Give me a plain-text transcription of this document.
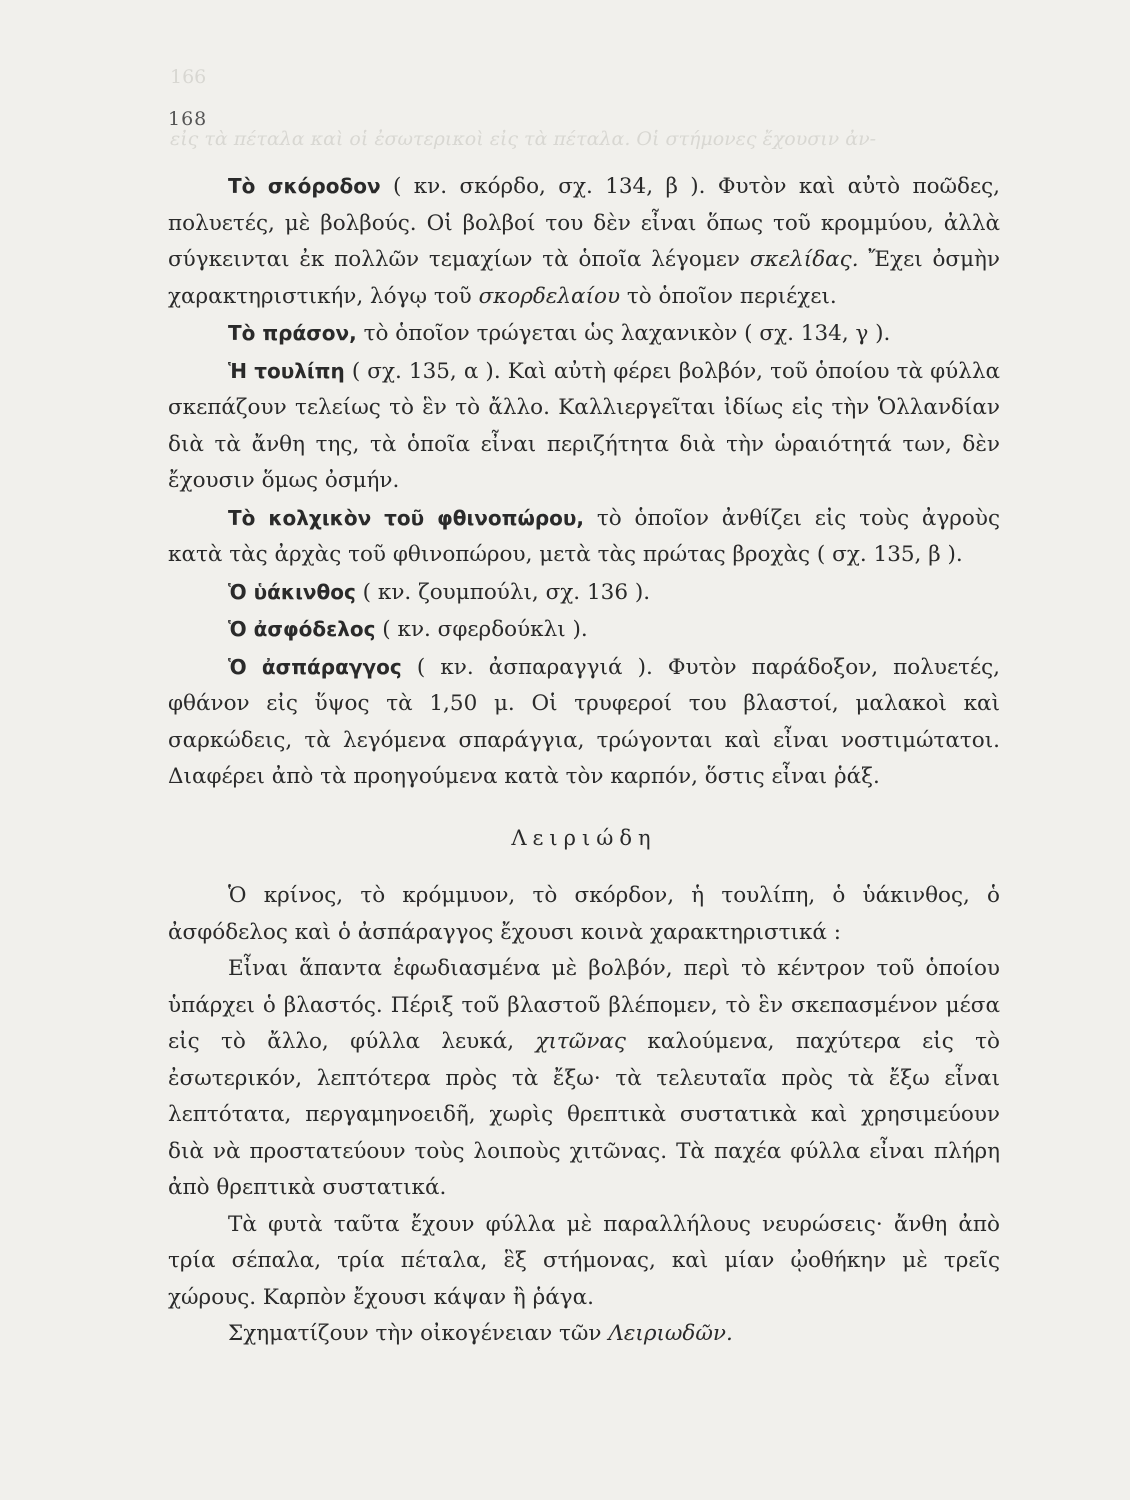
166
εἰς τὰ πέταλα καὶ οἱ ἐσωτερικοὶ εἰς τὰ πέταλα. Οἱ στήμονες ἔχουσιν ἀν-
168

Τὸ σκόροδον ( κν. σκόρδο, σχ. 134, β ). Φυτὸν καὶ αὐτὸ ποῶδες, πολυετές, μὲ βολβούς. Οἱ βολβοί του δὲν εἶναι ὅπως τοῦ κρομμύου, ἀλλὰ σύγκεινται ἐκ πολλῶν τεμαχίων τὰ ὁποῖα λέγομεν σκελίδας. Ἔχει ὀσμὴν χαρακτηριστικήν, λόγῳ τοῦ σκορδελαίου τὸ ὁποῖον περιέχει.

Τὸ πράσον, τὸ ὁποῖον τρώγεται ὡς λαχανικὸν ( σχ. 134, γ ).

Ἡ τουλίπη ( σχ. 135, α ). Καὶ αὐτὴ φέρει βολβόν, τοῦ ὁποίου τὰ φύλλα σκεπάζουν τελείως τὸ ἓν τὸ ἄλλο. Καλλιεργεῖται ἰδίως εἰς τὴν Ὁλλανδίαν διὰ τὰ ἄνθη της, τὰ ὁποῖα εἶναι περιζήτητα διὰ τὴν ὡραιότητά των, δὲν ἔχουσιν ὅμως ὀσμήν.

Τὸ κολχικὸν τοῦ φθινοπώρου, τὸ ὁποῖον ἀνθίζει εἰς τοὺς ἀγροὺς κατὰ τὰς ἀρχὰς τοῦ φθινοπώρου, μετὰ τὰς πρώτας βροχὰς ( σχ. 135, β ).

Ὁ ὑάκινθος ( κν. ζουμπούλι, σχ. 136 ).

Ὁ ἀσφόδελος ( κν. σφερδούκλι ).

Ὁ ἀσπάραγγος ( κν. ἀσπαραγγιά ). Φυτὸν παράδοξον, πολυετές, φθάνον εἰς ὕψος τὰ 1,50 μ. Οἱ τρυφεροί του βλαστοί, μαλακοὶ καὶ σαρκώδεις, τὰ λεγόμενα σπαράγγια, τρώγονται καὶ εἶναι νοστιμώτατοι. Διαφέρει ἀπὸ τὰ προηγούμενα κατὰ τὸν καρπόν, ὅστις εἶναι ῥάξ.

Λειριώδη

Ὁ κρίνος, τὸ κρόμμυον, τὸ σκόρδον, ἡ τουλίπη, ὁ ὑάκινθος, ὁ ἀσφόδελος καὶ ὁ ἀσπάραγγος ἔχουσι κοινὰ χαρακτηριστικά :

Εἶναι ἅπαντα ἐφωδιασμένα μὲ βολβόν, περὶ τὸ κέντρον τοῦ ὁποίου ὑπάρχει ὁ βλαστός. Πέριξ τοῦ βλαστοῦ βλέπομεν, τὸ ἓν σκεπασμένον μέσα εἰς τὸ ἄλλο, φύλλα λευκά, χιτῶνας καλούμενα, παχύτερα εἰς τὸ ἐσωτερικόν, λεπτότερα πρὸς τὰ ἔξω· τὰ τελευταῖα πρὸς τὰ ἔξω εἶναι λεπτότατα, περγαμηνοειδῆ, χωρὶς θρεπτικὰ συστατικὰ καὶ χρησιμεύουν διὰ νὰ προστατεύουν τοὺς λοιποὺς χιτῶνας. Τὰ παχέα φύλλα εἶναι πλήρη ἀπὸ θρεπτικὰ συστατικά.

Τὰ φυτὰ ταῦτα ἔχουν φύλλα μὲ παραλλήλους νευρώσεις· ἄνθη ἀπὸ τρία σέπαλα, τρία πέταλα, ἓξ στήμονας, καὶ μίαν ᾠοθήκην μὲ τρεῖς χώρους. Καρπὸν ἔχουσι κάψαν ἢ ῥάγα.

Σχηματίζουν τὴν οἰκογένειαν τῶν Λειριωδῶν.
